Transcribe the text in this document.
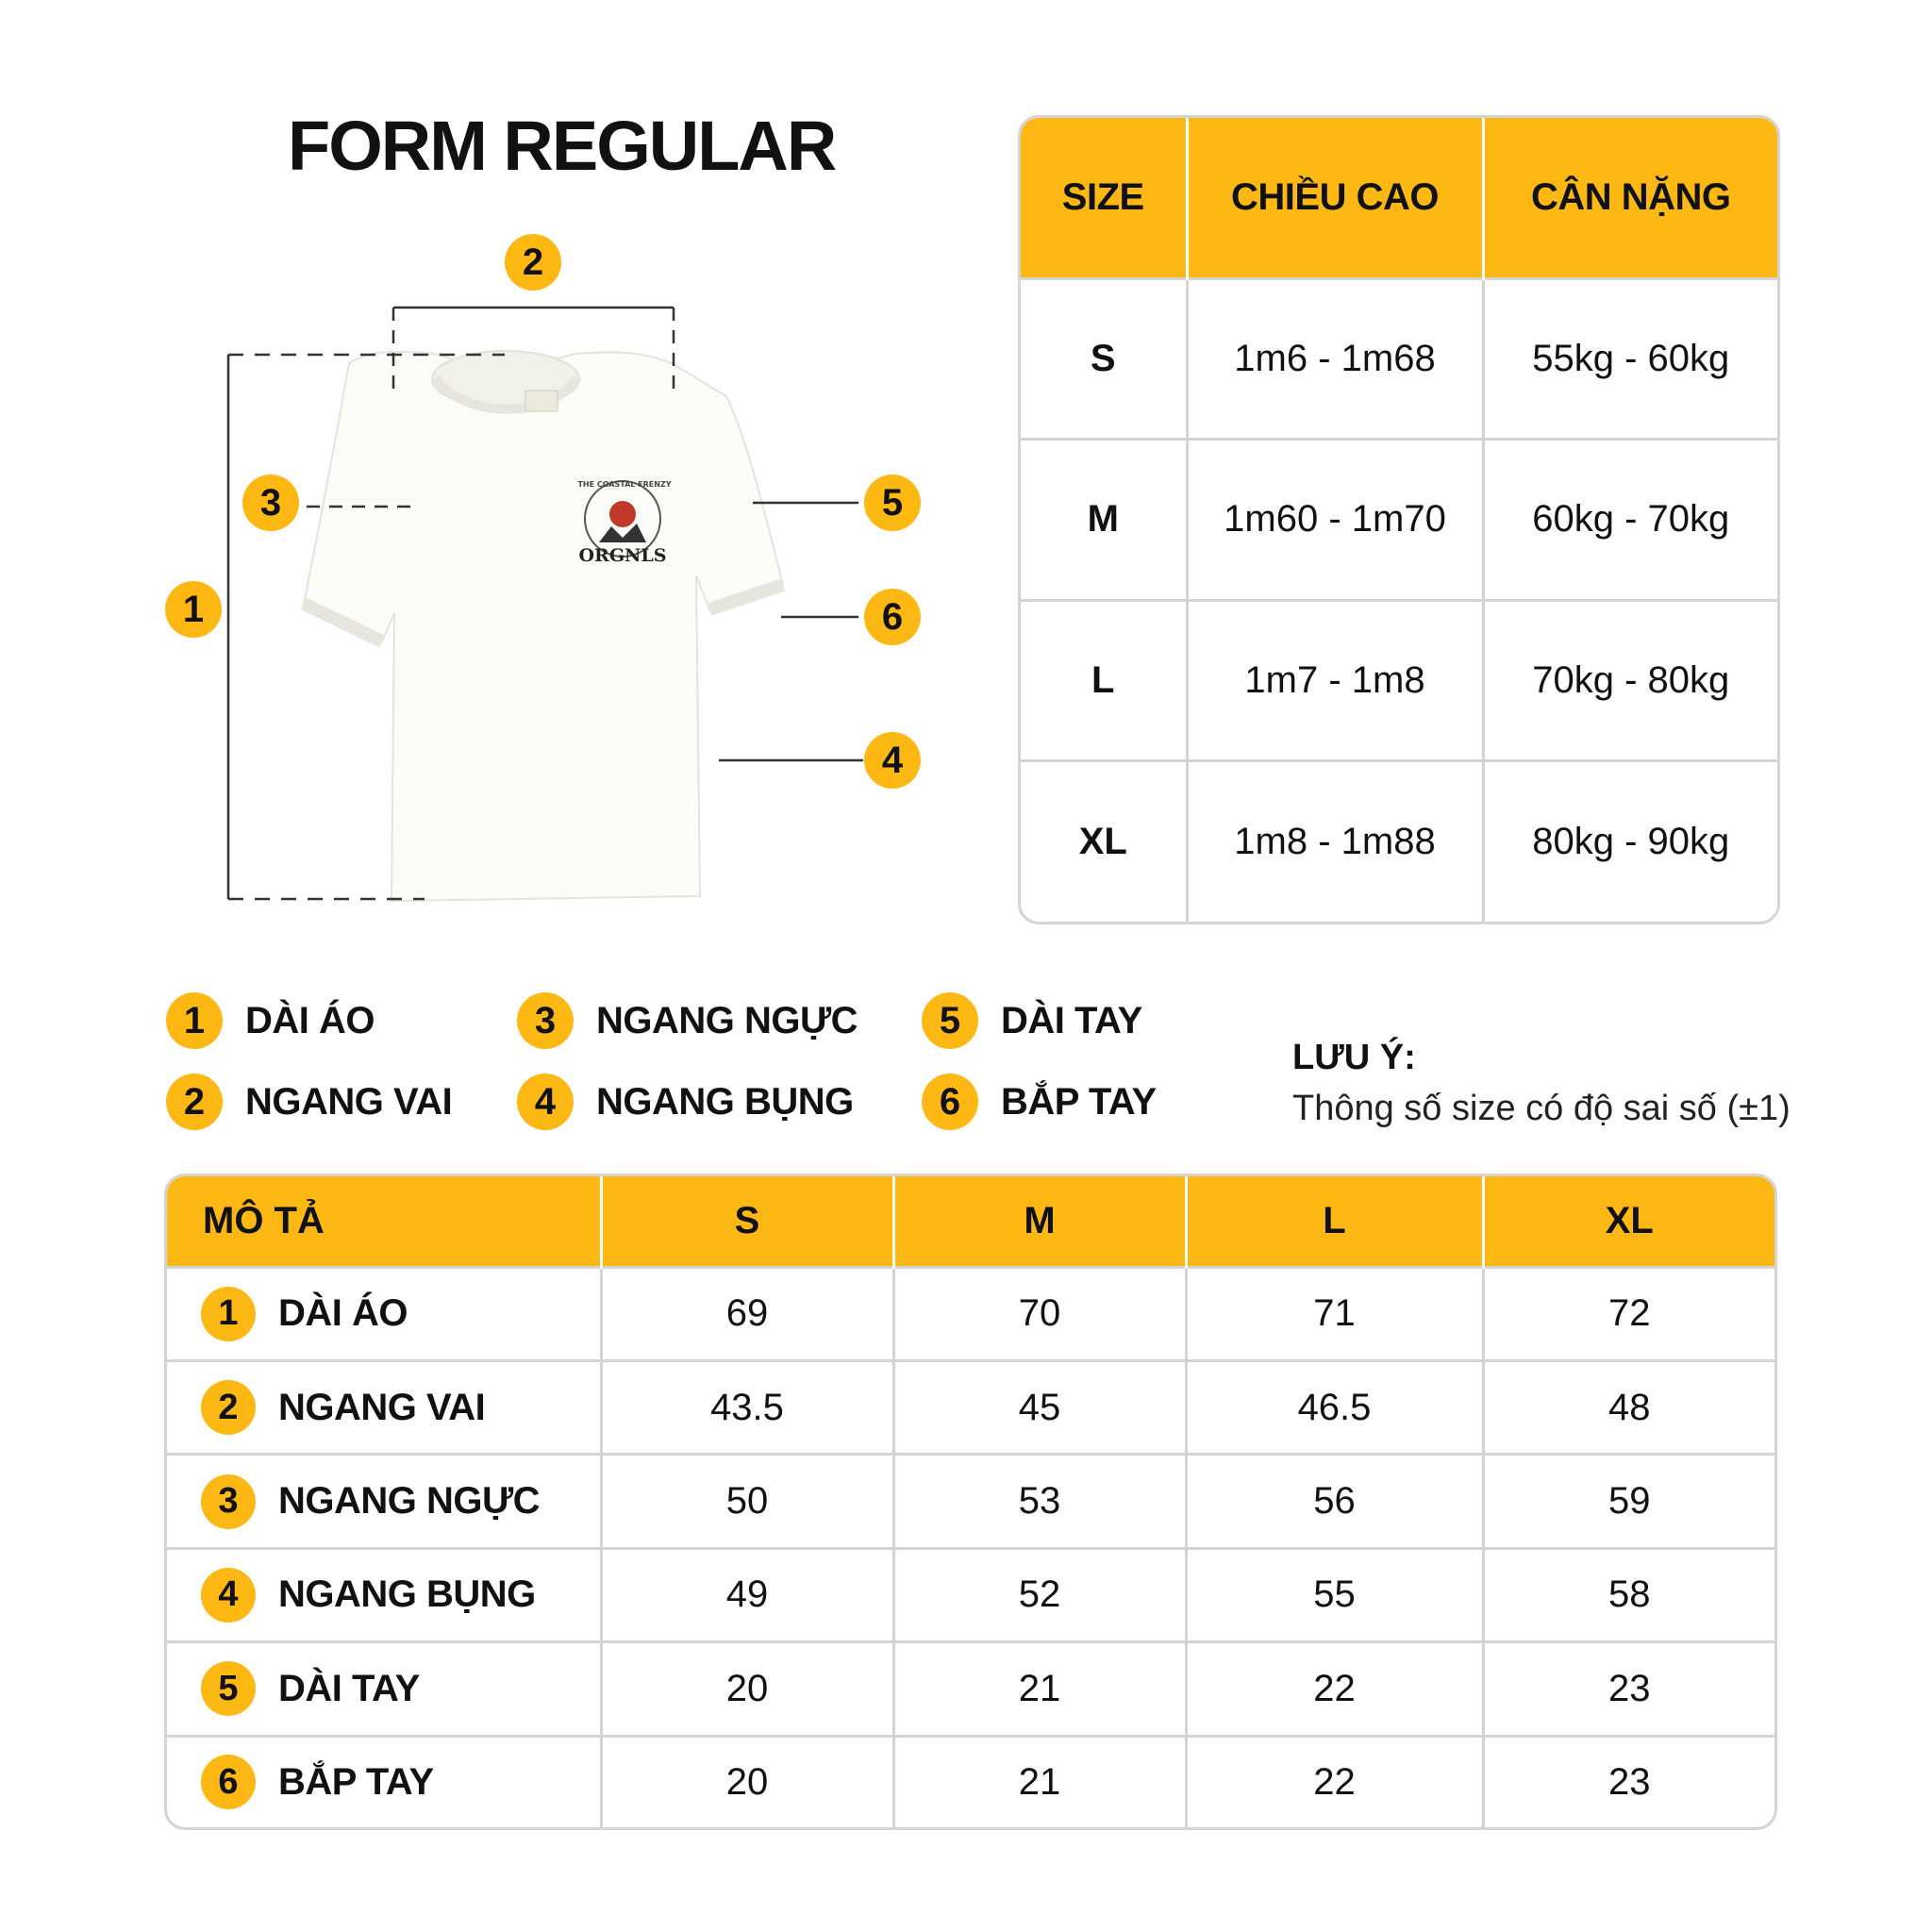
FORM REGULAR
ORGNLS
THE COASTAL FRENZY
1
2
3
4
5
6
SIZE	CHIỀU CAO	CÂN NẶNG
S	1m6 - 1m68	55kg - 60kg
M	1m60 - 1m70	60kg - 70kg
L	1m7 - 1m8	70kg - 80kg
XL	1m8 - 1m88	80kg - 90kg
1	DÀI ÁO
2	NGANG VAI
3	NGANG NGỰC
4	NGANG BỤNG
5	DÀI TAY
6	BẮP TAY
LƯU Ý:
Thông số size có độ sai số (±1)
MÔ TẢ	S	M	L	XL

1 DÀI ÁO	69	70	71	72

2 NGANG VAI	43.5	45	46.5	48

3 NGANG NGỰC	50	53	56	59

4 NGANG BỤNG	49	52	55	58

5 DÀI TAY	20	21	22	23

6 BẮP TAY	20	21	22	23
